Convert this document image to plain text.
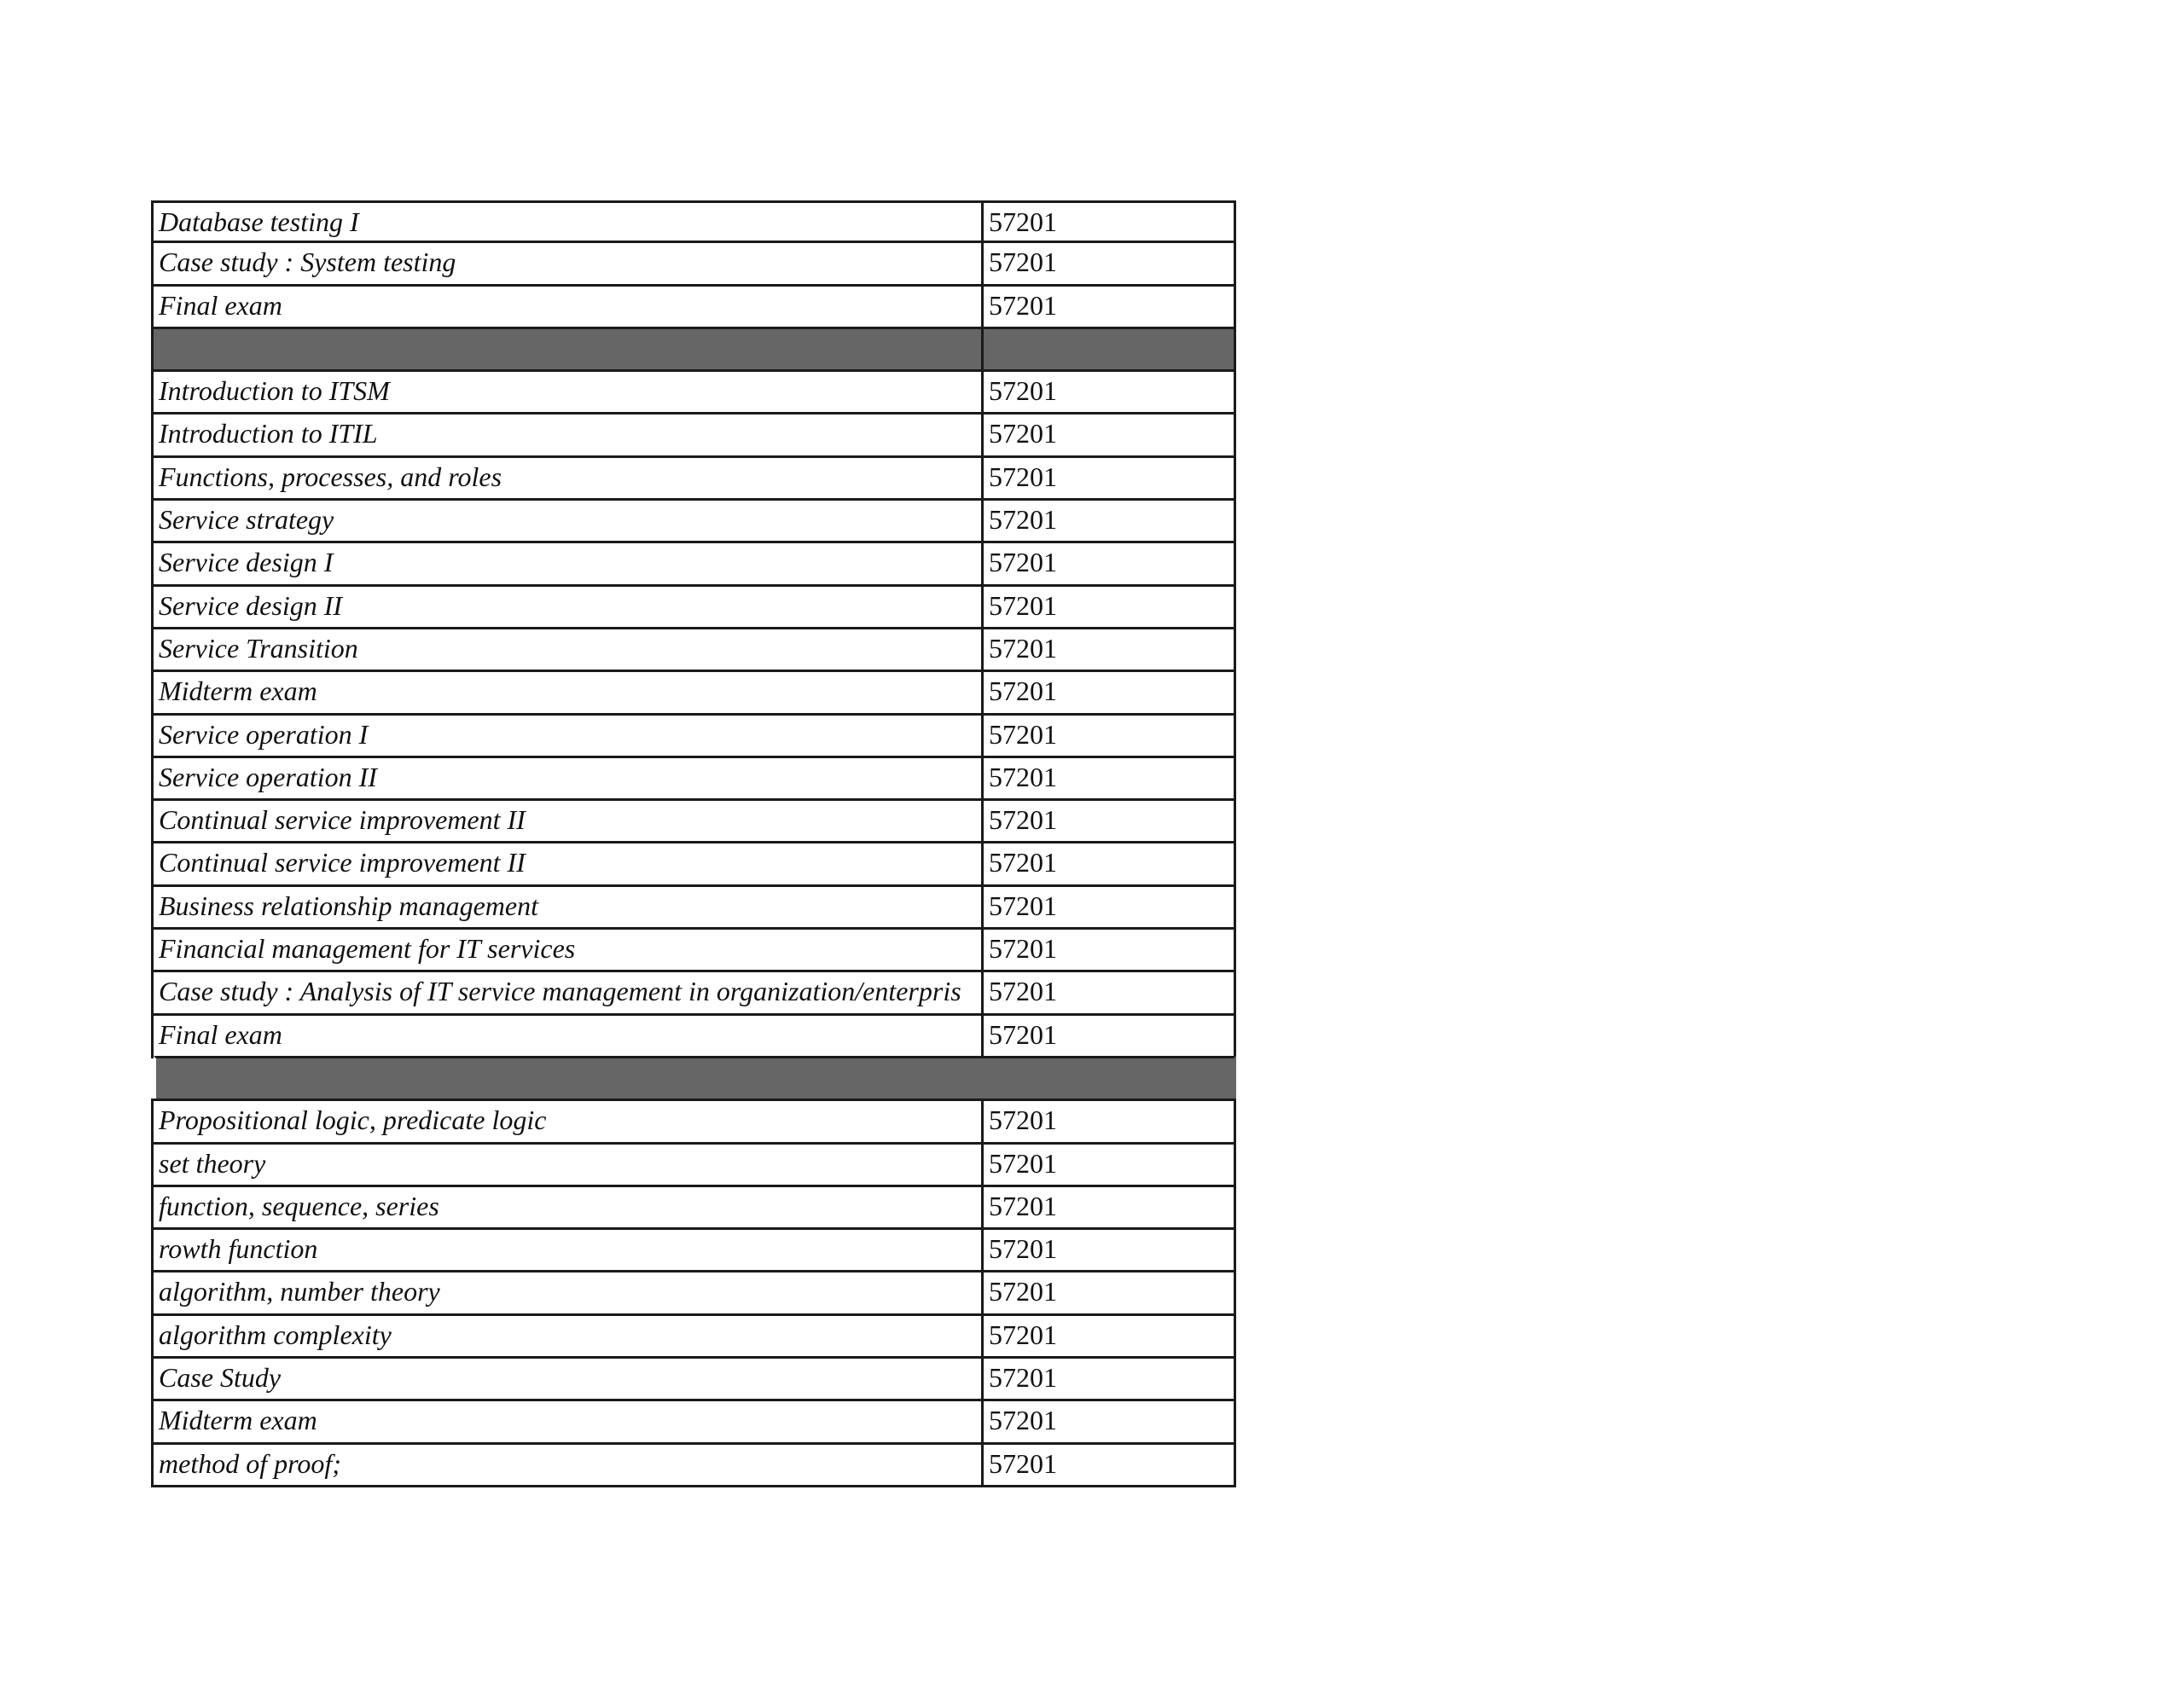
Database testing I	57201
Case study : System testing	57201
Final exam	57201
Introduction to ITSM	57201
Introduction to ITIL	57201
Functions, processes, and roles	57201
Service strategy	57201
Service design I	57201
Service design II	57201
Service Transition	57201
Midterm exam	57201
Service operation I	57201
Service operation II	57201
Continual service improvement II	57201
Continual service improvement II	57201
Business relationship management	57201
Financial management for IT services	57201
Case study : Analysis of IT service management in organization/enterpris	57201
Final exam	57201
Propositional logic, predicate logic	57201
set theory	57201
function, sequence, series	57201
rowth function	57201
algorithm, number theory	57201
algorithm complexity	57201
Case Study	57201
Midterm exam	57201
method of proof;	57201
